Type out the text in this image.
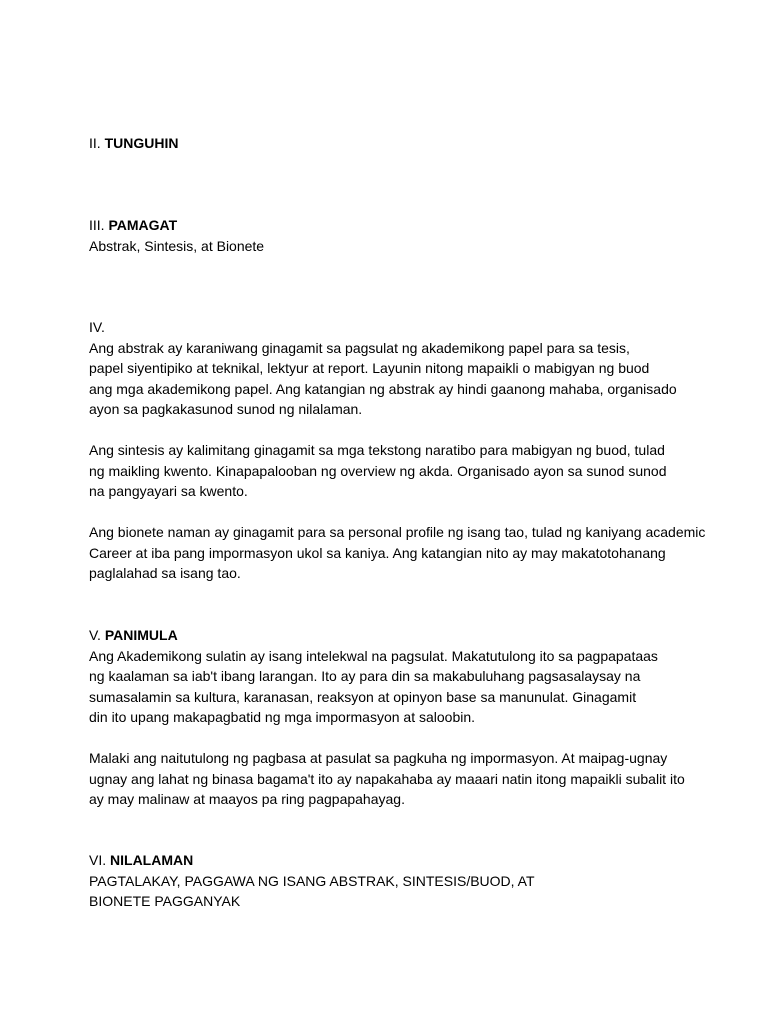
II. TUNGUHIN
III. PAMAGAT
Abstrak, Sintesis, at Bionete
IV.

Ang abstrak ay karaniwang ginagamit sa pagsulat ng akademikong papel para sa tesis,
papel siyentipiko at teknikal, lektyur at report. Layunin nitong mapaikli o mabigyan ng buod
ang mga akademikong papel. Ang katangian ng abstrak ay hindi gaanong mahaba, organisado
ayon sa pagkakasunod sunod ng nilalaman.

Ang sintesis ay kalimitang ginagamit sa mga tekstong naratibo para mabigyan ng buod, tulad
ng maikling kwento. Kinapapalooban ng overview ng akda. Organisado ayon sa sunod sunod
na pangyayari sa kwento.

Ang bionete naman ay ginagamit para sa personal profile ng isang tao, tulad ng kaniyang academic
Career at iba pang impormasyon ukol sa kaniya. Ang katangian nito ay may makatotohanang
paglalahad sa isang tao.

V. PANIMULA

Ang Akademikong sulatin ay isang intelekwal na pagsulat. Makatutulong ito sa pagpapataas
ng kaalaman sa iab't ibang larangan. Ito ay para din sa makabuluhang pagsasalaysay na
sumasalamin sa kultura, karanasan, reaksyon at opinyon base sa manunulat. Ginagamit
din ito upang makapagbatid ng mga impormasyon at saloobin.

Malaki ang naitutulong ng pagbasa at pasulat sa pagkuha ng impormasyon. At maipag-ugnay
ugnay ang lahat ng binasa bagama't ito ay napakahaba ay maaari natin itong mapaikli subalit ito
ay may malinaw at maayos pa ring pagpapahayag.

VI. NILALAMAN
PAGTALAKAY, PAGGAWA NG ISANG ABSTRAK, SINTESIS/BUOD, AT
BIONETE PAGGANYAK
